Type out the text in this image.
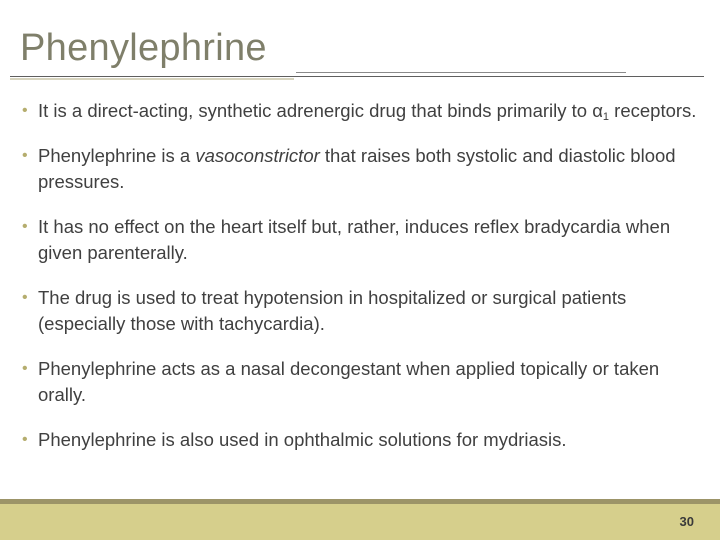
Phenylephrine
• It is a direct-acting, synthetic adrenergic drug that binds primarily to $\alpha_1$ receptors.
• Phenylephrine is a vasoconstrictor that raises both systolic and diastolic blood pressures.
• It has no effect on the heart itself but, rather, induces reflex bradycardia when given parenterally.
• The drug is used to treat hypotension in hospitalized or surgical patients (especially those with tachycardia).
• Phenylephrine acts as a nasal decongestant when applied topically or taken orally.
• Phenylephrine is also used in ophthalmic solutions for mydriasis.
30
